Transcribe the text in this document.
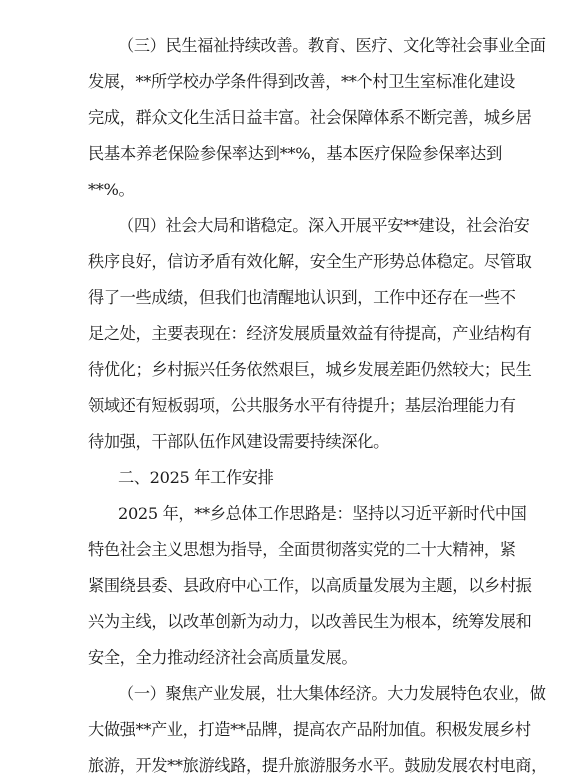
（三）民生福祉持续改善。教育、医疗、文化等社会事业全面
发展，**所学校办学条件得到改善，**个村卫生室标准化建设
完成，群众文化生活日益丰富。社会保障体系不断完善，城乡居
民基本养老保险参保率达到**%，基本医疗保险参保率达到
**%。
（四）社会大局和谐稳定。深入开展平安**建设，社会治安
秩序良好，信访矛盾有效化解，安全生产形势总体稳定。尽管取
得了一些成绩，但我们也清醒地认识到，工作中还存在一些不
足之处，主要表现在：经济发展质量效益有待提高，产业结构有
待优化；乡村振兴任务依然艰巨，城乡发展差距仍然较大；民生
领域还有短板弱项，公共服务水平有待提升；基层治理能力有
待加强，干部队伍作风建设需要持续深化。
二、2025 年工作安排
2025 年，**乡总体工作思路是：坚持以习近平新时代中国
特色社会主义思想为指导，全面贯彻落实党的二十大精神，紧
紧围绕县委、县政府中心工作，以高质量发展为主题，以乡村振
兴为主线，以改革创新为动力，以改善民生为根本，统筹发展和
安全，全力推动经济社会高质量发展。
（一）聚焦产业发展，壮大集体经济。大力发展特色农业，做
大做强**产业，打造**品牌，提高农产品附加值。积极发展乡村
旅游，开发**旅游线路，提升旅游服务水平。鼓励发展农村电商，
